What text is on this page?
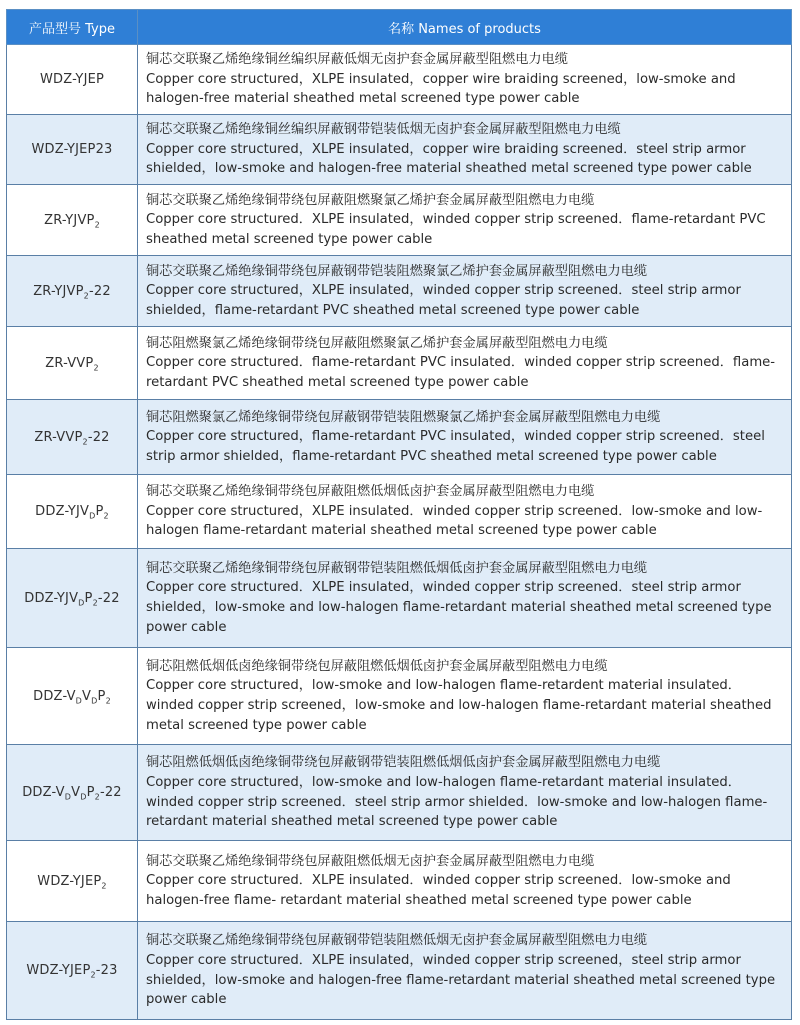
产品型号 Type	名称 Names of products
WDZ-YJEP	铜芯交联聚乙烯绝缘铜丝编织屏蔽低烟无卤护套金属屏蔽型阻燃电力电缆
Copper core structured，XLPE insulated，copper wire braiding screened，low-smoke and halogen-free material sheathed metal screened type power cable

WDZ-YJEP23	铜芯交联聚乙烯绝缘铜丝编织屏蔽钢带铠装低烟无卤护套金属屏蔽型阻燃电力电缆
Copper core structured，XLPE insulated，copper wire braiding screened．steel strip armor shielded，low-smoke and halogen-free material sheathed metal screened type power cable

$ZR-YJVP_2$	铜芯交联聚乙烯绝缘铜带绕包屏蔽阻燃聚氯乙烯护套金属屏蔽型阻燃电力电缆
Copper core structured．XLPE insulated，winded copper strip screened．flame-retardant PVC sheathed metal screened type power cable

$ZR-YJVP_2-22$	铜芯交联聚乙烯绝缘铜带绕包屏蔽钢带铠装阻燃聚氯乙烯护套金属屏蔽型阻燃电力电缆
Copper core structured，XLPE insulated，winded copper strip screened．steel strip armor shielded，flame-retardant PVC sheathed metal screened type power cable

$ZR-VVP_2$	铜芯阻燃聚氯乙烯绝缘铜带绕包屏蔽阻燃聚氯乙烯护套金属屏蔽型阻燃电力电缆
Copper core structured．flame-retardant PVC insulated．winded copper strip screened．flame-retardant PVC sheathed metal screened type power cable

$ZR-VVP_2-22$	铜芯阻燃聚氯乙烯绝缘铜带绕包屏蔽钢带铠装阻燃聚氯乙烯护套金属屏蔽型阻燃电力电缆
Copper core structured，flame-retardant PVC insulated，winded copper strip screened．steel strip armor shielded，flame-retardant PVC sheathed metal screened type power cable

DDZ-$YJV_DP_2$	铜芯交联聚乙烯绝缘铜带绕包屏蔽阻燃低烟低卤护套金属屏蔽型阻燃电力电缆
Copper core structured，XLPE insulated．winded copper strip screened．low-smoke and low-halogen flame-retardant material sheathed metal screened type power cable

DDZ-$YJV_DP_2-22$	铜芯交联聚乙烯绝缘铜带绕包屏蔽钢带铠装阻燃低烟低卤护套金属屏蔽型阻燃电力电缆
Copper core structured．XLPE insulated，winded copper strip screened．steel strip armor shielded，low-smoke and low-halogen flame-retardant material sheathed metal screened type power cable

DDZ-$V_DV_DP_2$	铜芯阻燃低烟低卤绝缘铜带绕包屏蔽阻燃低烟低卤护套金属屏蔽型阻燃电力电缆
Copper core structured，low-smoke and low-halogen flame-retardent material insulated．winded copper strip screened，low-smoke and low-halogen flame-retardant material sheathed metal screened type power cable

DDZ-$V_DV_DP_2-22$	铜芯阻燃低烟低卤绝缘铜带绕包屏蔽钢带铠装阻燃低烟低卤护套金属屏蔽型阻燃电力电缆
Copper core structured，low-smoke and low-halogen flame-retardant material insulated．winded copper strip screened．steel strip armor shielded．low-smoke and low-halogen flame-retardant material sheathed metal screened type power cable

WDZ-$YJEP_2$	铜芯交联聚乙烯绝缘铜带绕包屏蔽阻燃低烟无卤护套金属屏蔽型阻燃电力电缆
Copper core structured．XLPE insulated．winded copper strip screened．low-smoke and halogen-free flame- retardant material sheathed metal screened type power cable

WDZ-$YJEP_2-23$	铜芯交联聚乙烯绝缘铜带绕包屏蔽钢带铠装阻燃低烟无卤护套金属屏蔽型阻燃电力电缆
Copper core structured．XLPE insulated，winded copper strip screened，steel strip armor shielded，low-smoke and halogen-free flame-retardant material sheathed metal screened type power cable
